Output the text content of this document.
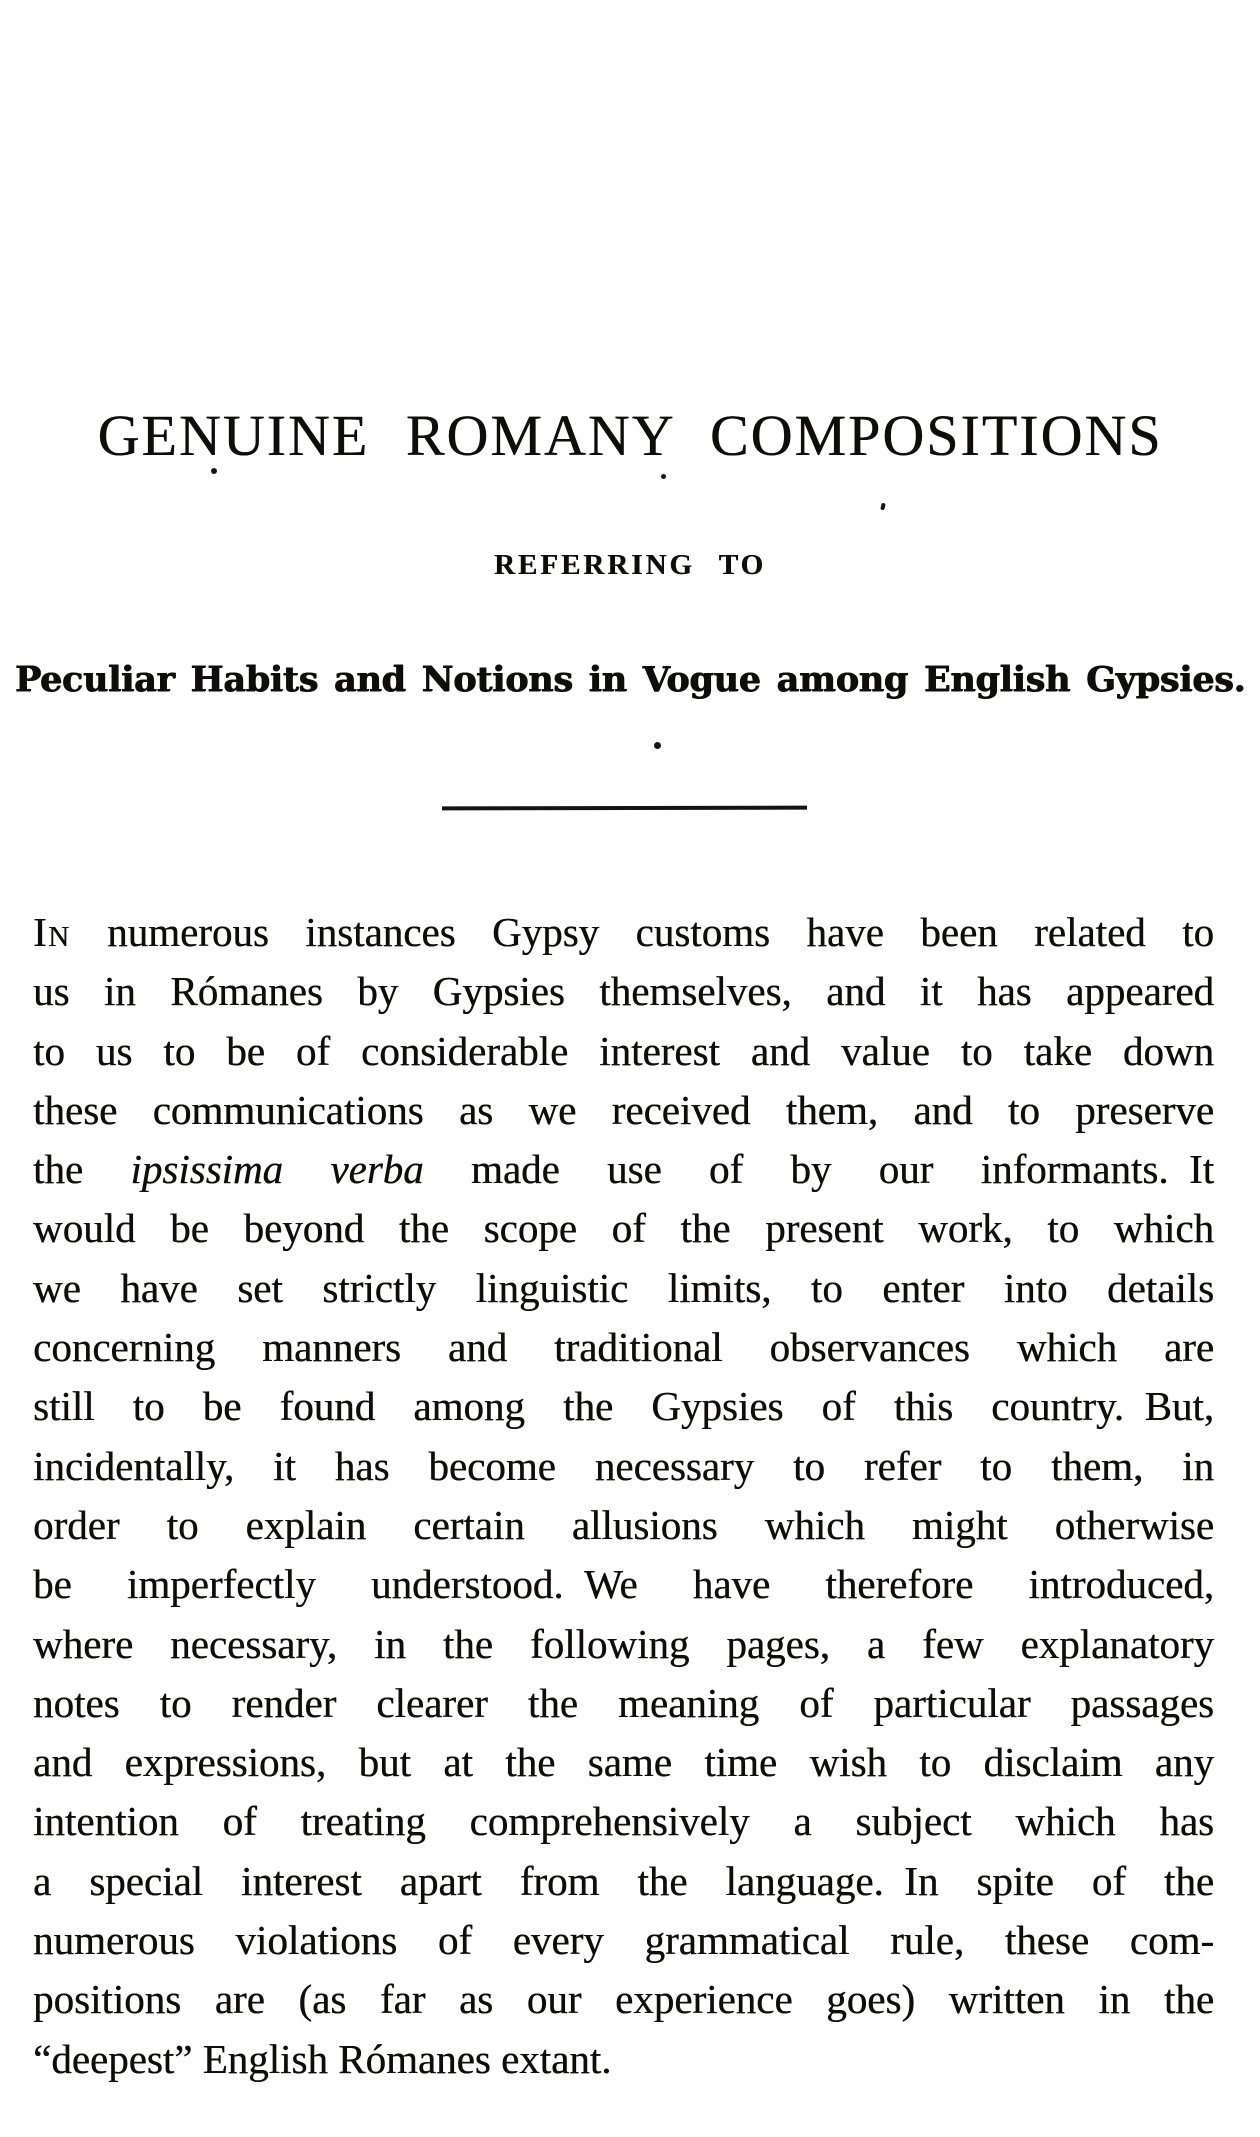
GENUINE ROMANY COMPOSITIONS
REFERRING TO
Peculiar Habits and Notions in Vogue among English Gypsies.
In numerous instances Gypsy customs have been related to
us in Rómanes by Gypsies themselves, and it has appeared
to us to be of considerable interest and value to take down
these communications as we received them, and to preserve
the ipsissima verba made use of by our informants. It
would be beyond the scope of the present work, to which
we have set strictly linguistic limits, to enter into details
concerning manners and traditional observances which are
still to be found among the Gypsies of this country. But,
incidentally, it has become necessary to refer to them, in
order to explain certain allusions which might otherwise
be imperfectly understood. We have therefore introduced,
where necessary, in the following pages, a few explanatory
notes to render clearer the meaning of particular passages
and expressions, but at the same time wish to disclaim any
intention of treating comprehensively a subject which has
a special interest apart from the language. In spite of the
numerous violations of every grammatical rule, these com-
positions are (as far as our experience goes) written in the
“deepest” English Rómanes extant.
